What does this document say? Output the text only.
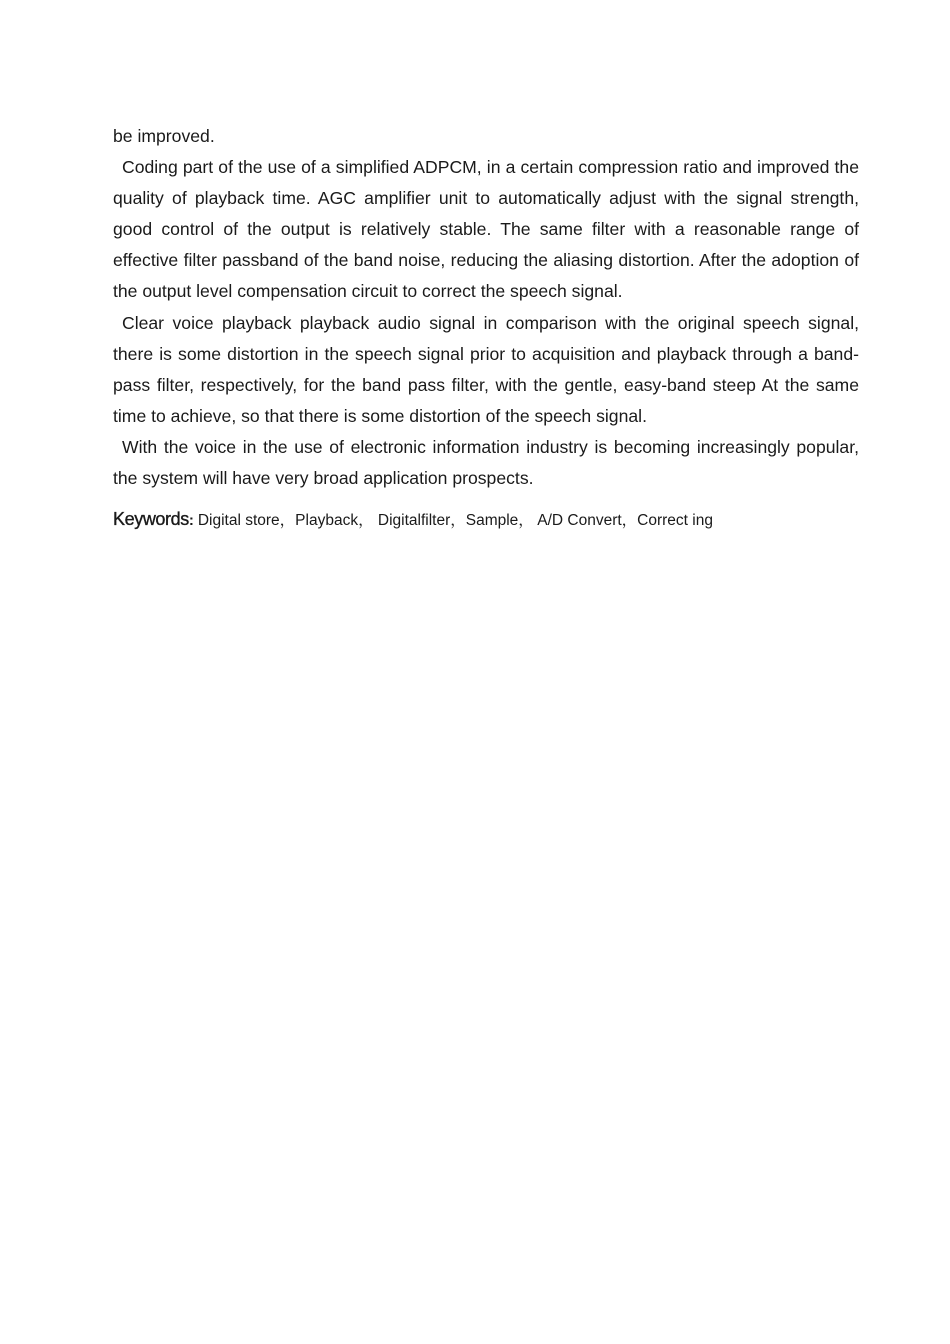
be improved.

Coding part of the use of a simplified ADPCM, in a certain compression ratio and improved the quality of playback time. AGC amplifier unit to automatically adjust with the signal strength, good control of the output is relatively stable. The same filter with a reasonable range of effective filter passband of the band noise, reducing the aliasing distortion. After the adoption of the output level compensation circuit to correct the speech signal.

Clear voice playback playback audio signal in comparison with the original speech signal, there is some distortion in the speech signal prior to acquisition and playback through a band-pass filter, respectively, for the band pass filter, with the gentle, easy-band steep At the same time to achieve, so that there is some distortion of the speech signal.

With the voice in the use of electronic information industry is becoming increasingly popular, the system will have very broad application prospects.

Keywords: Digital store，Playback， Digitalfilter，Sample， A/D Convert，Correct ing
